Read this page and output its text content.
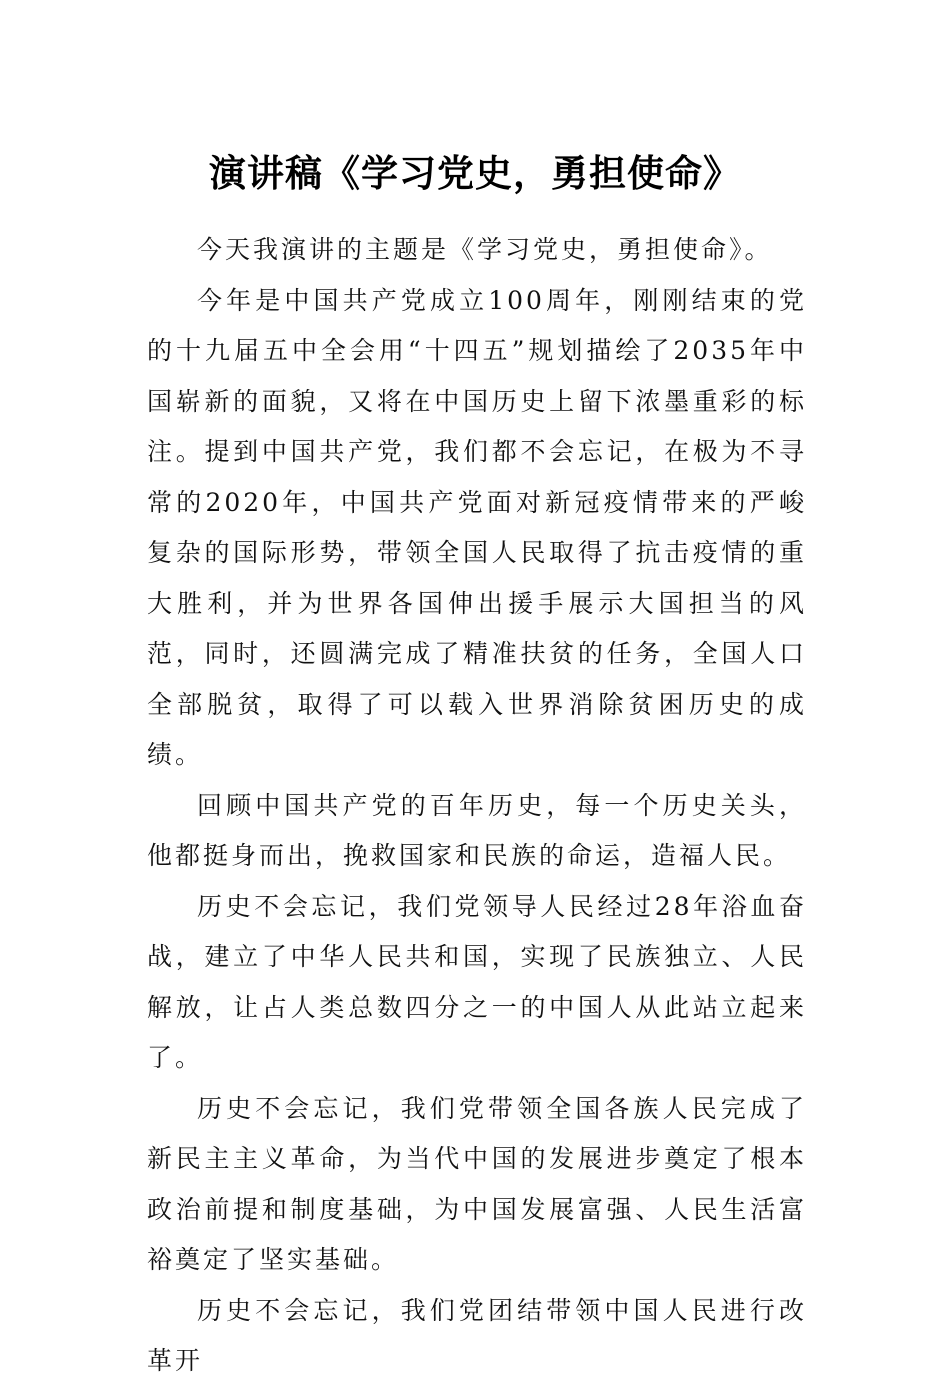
演讲稿《学习党史，勇担使命》

今天我演讲的主题是《学习党史，勇担使命》。

今年是中国共产党成立100周年，刚刚结束的党的十九届五中全会用“十四五”规划描绘了2035年中国崭新的面貌，又将在中国历史上留下浓墨重彩的标注。提到中国共产党，我们都不会忘记，在极为不寻常的2020年，中国共产党面对新冠疫情带来的严峻复杂的国际形势，带领全国人民取得了抗击疫情的重大胜利，并为世界各国伸出援手展示大国担当的风范，同时，还圆满完成了精准扶贫的任务，全国人口全部脱贫，取得了可以载入世界消除贫困历史的成绩。

回顾中国共产党的百年历史，每一个历史关头，他都挺身而出，挽救国家和民族的命运，造福人民。

历史不会忘记，我们党领导人民经过28年浴血奋战，建立了中华人民共和国，实现了民族独立、人民解放，让占人类总数四分之一的中国人从此站立起来了。

历史不会忘记，我们党带领全国各族人民完成了新民主主义革命，为当代中国的发展进步奠定了根本政治前提和制度基础，为中国发展富强、人民生活富裕奠定了坚实基础。

历史不会忘记，我们党团结带领中国人民进行改革开
